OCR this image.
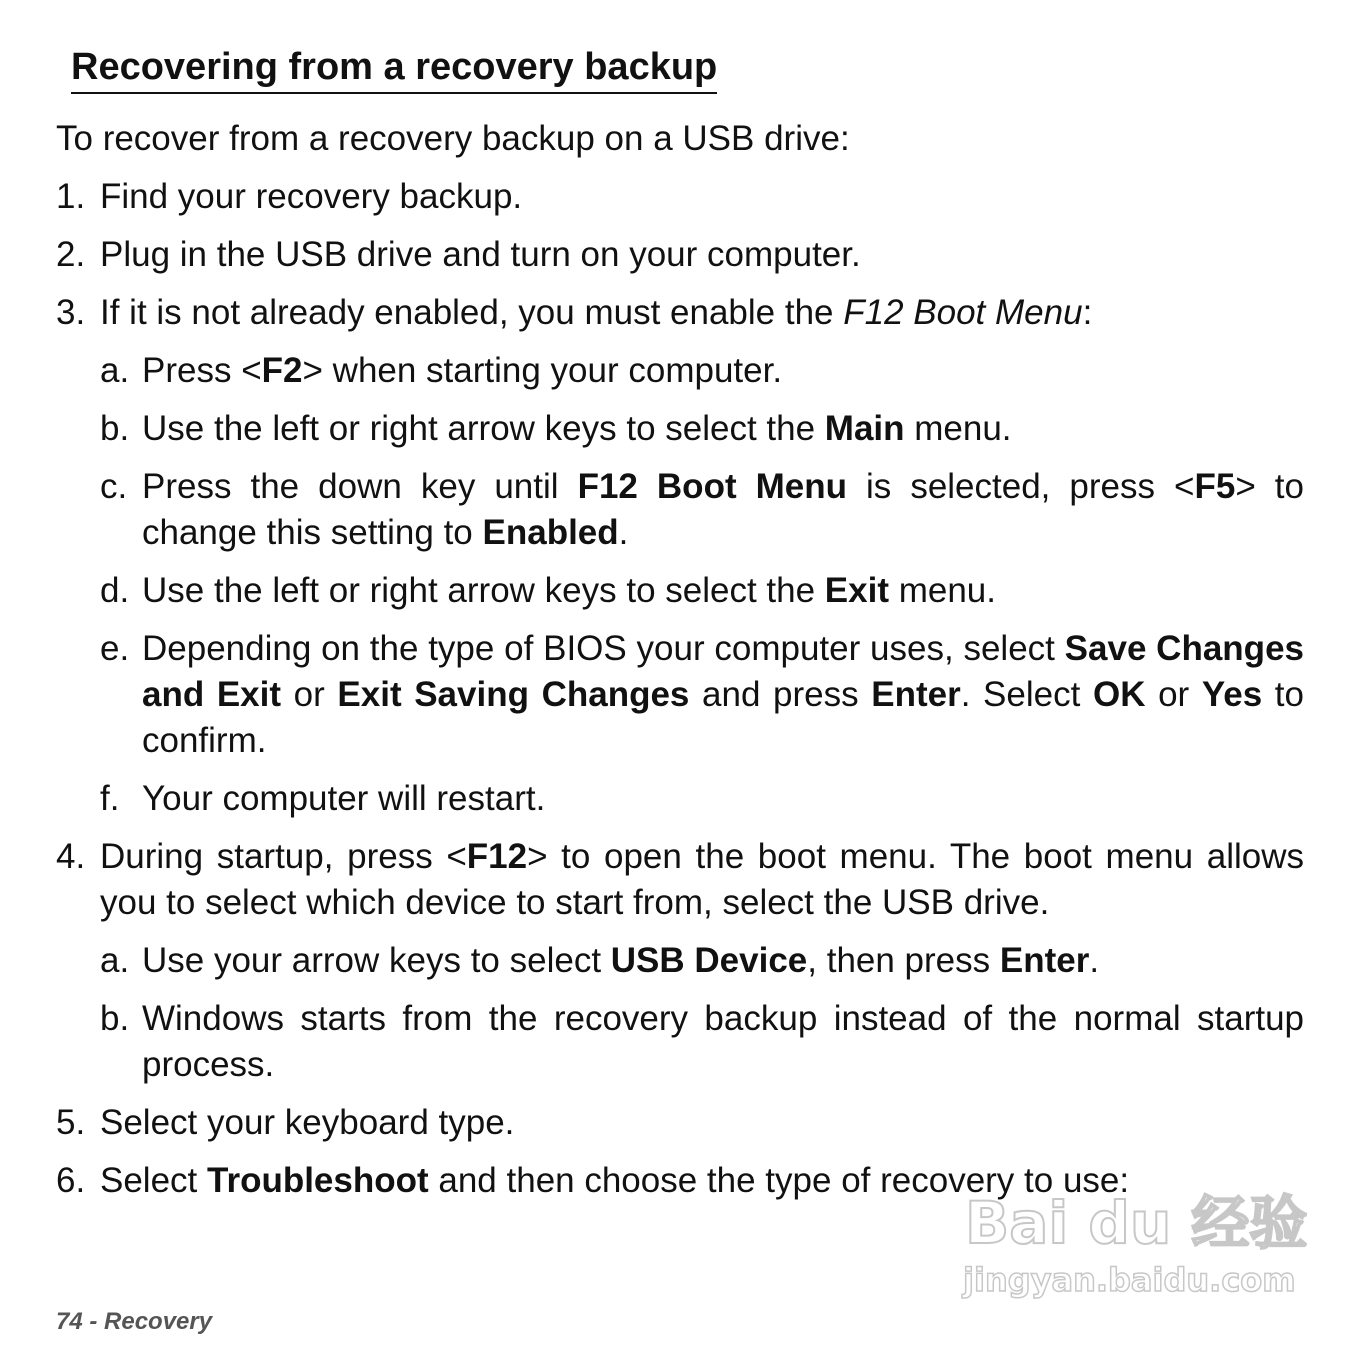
Recovering from a recovery backup
To recover from a recovery backup on a USB drive:
1. Find your recovery backup.
2. Plug in the USB drive and turn on your computer.
3. If it is not already enabled, you must enable the F12 Boot Menu:
a. Press <F2> when starting your computer.
b. Use the left or right arrow keys to select the Main menu.
c. Press the down key until F12 Boot Menu is selected, press <F5> to change this setting to Enabled.
d. Use the left or right arrow keys to select the Exit menu.
e. Depending on the type of BIOS your computer uses, select Save Changes and Exit or Exit Saving Changes and press Enter. Select OK or Yes to confirm.
f. Your computer will restart.
4. During startup, press <F12> to open the boot menu. The boot menu allows you to select which device to start from, select the USB drive.
a. Use your arrow keys to select USB Device, then press Enter.
b. Windows starts from the recovery backup instead of the normal startup process.
5. Select your keyboard type.
6. Select Troubleshoot and then choose the type of recovery to use:
Bai du 经验
jingyan.baidu.com
74 - Recovery
